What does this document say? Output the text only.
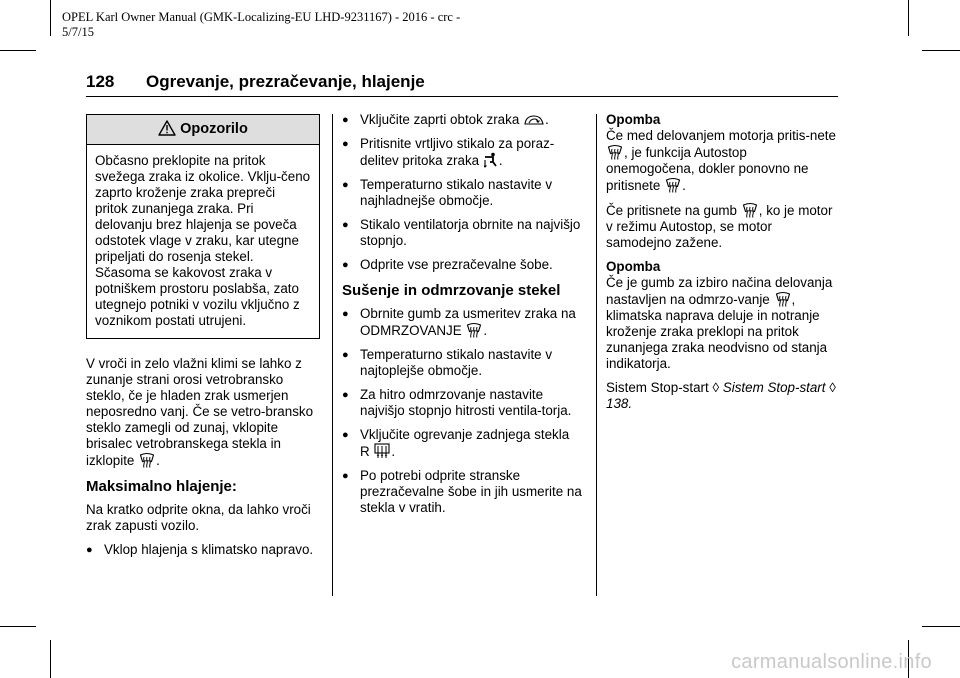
OPEL Karl Owner Manual (GMK-Localizing-EU LHD-9231167) - 2016 - crc -
5/7/15
128 Ogrevanje, prezračevanje, hlajenje
Opozorilo
Občasno preklopite na pritok svežega zraka iz okolice. Vklju-čeno zaprto kroženje zraka prepreči pritok zunanjega zraka. Pri delovanju brez hlajenja se poveča odstotek vlage v zraku, kar utegne pripeljati do rosenja stekel. Sčasoma se kakovost zraka v potniškem prostoru poslabša, zato utegnejo potniki v vozilu vključno z voznikom postati utrujeni.

V vroči in zelo vlažni klimi se lahko z zunanje strani orosi vetrobransko steklo, če je hladen zrak usmerjen neposredno vanj. Če se vetro-bransko steklo zamegli od zunaj, vklopite brisalec vetrobranskega stekla in izklopite .

Maksimalno hlajenje:

Na kratko odprite okna, da lahko vroči zrak zapusti vozilo.

● Vklop hlajenja s klimatsko napravo.
● Vključite zaprti obtok zraka .
● Pritisnite vrtljivo stikalo za poraz-delitev pritoka zraka .
● Temperaturno stikalo nastavite v najhladnejše območje.
● Stikalo ventilatorja obrnite na najvišjo stopnjo.
● Odprite vse prezračevalne šobe.
Sušenje in odmrzovanje stekel
● Obrnite gumb za usmeritev zraka na ODMRZOVANJE .
● Temperaturno stikalo nastavite v najtoplejše območje.
● Za hitro odmrzovanje nastavite najvišjo stopnjo hitrosti ventila-torja.
● Vključite ogrevanje zadnjega stekla R .
● Po potrebi odprite stranske prezračevalne šobe in jih usmerite na stekla v vratih.
Opomba

Če med delovanjem motorja pritis-nete , je funkcija Autostop onemogočena, dokler ponovno ne pritisnete .

Če pritisnete na gumb , ko je motor v režimu Autostop, se motor samodejno zažene.

Opomba

Če je gumb za izbiro načina delovanja nastavljen na odmrzo-vanje , klimatska naprava deluje in notranje kroženje zraka preklopi na pritok zunanjega zraka neodvisno od stanja indikatorja.

Sistem Stop-start ◊ Sistem Stop-start ◊ 138.

carmanualsonline.info
